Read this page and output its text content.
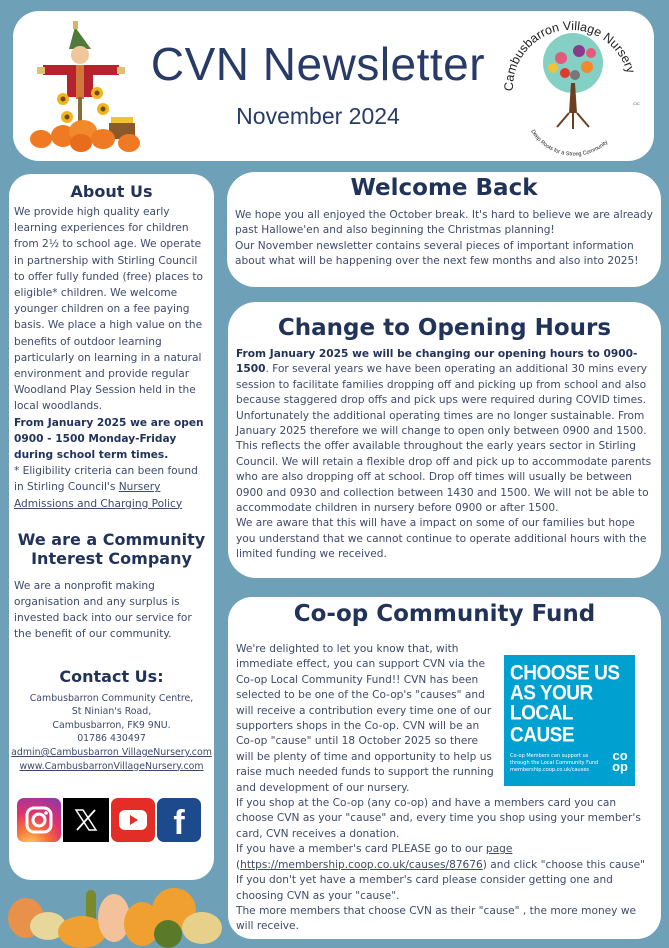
CVN Newsletter
November 2024
Cambusbarron Village Nursery
Deep Roots for a Strong Community
CIC
About Us
We provide high quality early learning experiences for children from 2½ to school age. We operate in partnership with Stirling Council to offer fully funded (free) places to eligible* children. We welcome younger children on a fee paying basis. We place a high value on the benefits of outdoor learning particularly on learning in a natural environment and provide regular Woodland Play Session held in the local woodlands.
From January 2025 we are open 0900 - 1500 Monday-Friday during school term times.
* Eligibility criteria can been found in Stirling Council's Nursery Admissions and Charging Policy
We are a Community Interest Company
We are a nonprofit making organisation and any surplus is invested back into our service for the benefit of our community.
Contact Us:
Cambusbarron Community Centre,
St Ninian's Road,
Cambusbarron, FK9 9NU.
01786 430497
admin@Cambusbarron VillageNursery.com
www.CambusbarronVillageNursery.com
f
Welcome Back
We hope you all enjoyed the October break. It's hard to believe we are already past Hallowe'en and also beginning the Christmas planning!
Our November newsletter contains several pieces of important information about what will be happening over the next few months and also into 2025!
Change to Opening Hours
From January 2025 we will be changing our opening hours to 0900-1500. For several years we have been operating an additional 30 mins every session to facilitate families dropping off and picking up from school and also because staggered drop offs and pick ups were required during COVID times. Unfortunately the additional operating times are no longer sustainable. From January 2025 therefore we will change to open only between 0900 and 1500. This reflects the offer available throughout the early years sector in Stirling Council. We will retain a flexible drop off and pick up to accommodate parents who are also dropping off at school. Drop off times will usually be between 0900 and 0930 and collection between 1430 and 1500. We will not be able to accommodate children in nursery before 0900 or after 1500.
We are aware that this will have a impact on some of our families but hope you understand that we cannot continue to operate additional hours with the limited funding we received.
Co-op Community Fund
We're delighted to let you know that, with immediate effect, you can support CVN via the Co-op Local Community Fund!! CVN has been selected to be one of the Co-op's "causes" and will receive a contribution every time one of our supporters shops in the Co-op. CVN will be an Co-op "cause" until 18 October 2025 so there will be plenty of time and opportunity to help us raise much needed funds to support the running and development of our nursery.
If you shop at the Co-op (any co-op) and have a members card you can choose CVN as your "cause" and, every time you shop using your member's card, CVN receives a donation.
If you have a member's card PLEASE go to our page
(https://membership.coop.co.uk/causes/87676) and click "choose this cause"
If you don't yet have a member's card please consider getting one and choosing CVN as your "cause".
The more members that choose CVN as their "cause" , the more money we will receive.
CHOOSE US
AS YOUR
LOCAL CAUSE
Co-op Members can support us
through the Local Community Fund
membership.coop.co.uk/causes
co
op
